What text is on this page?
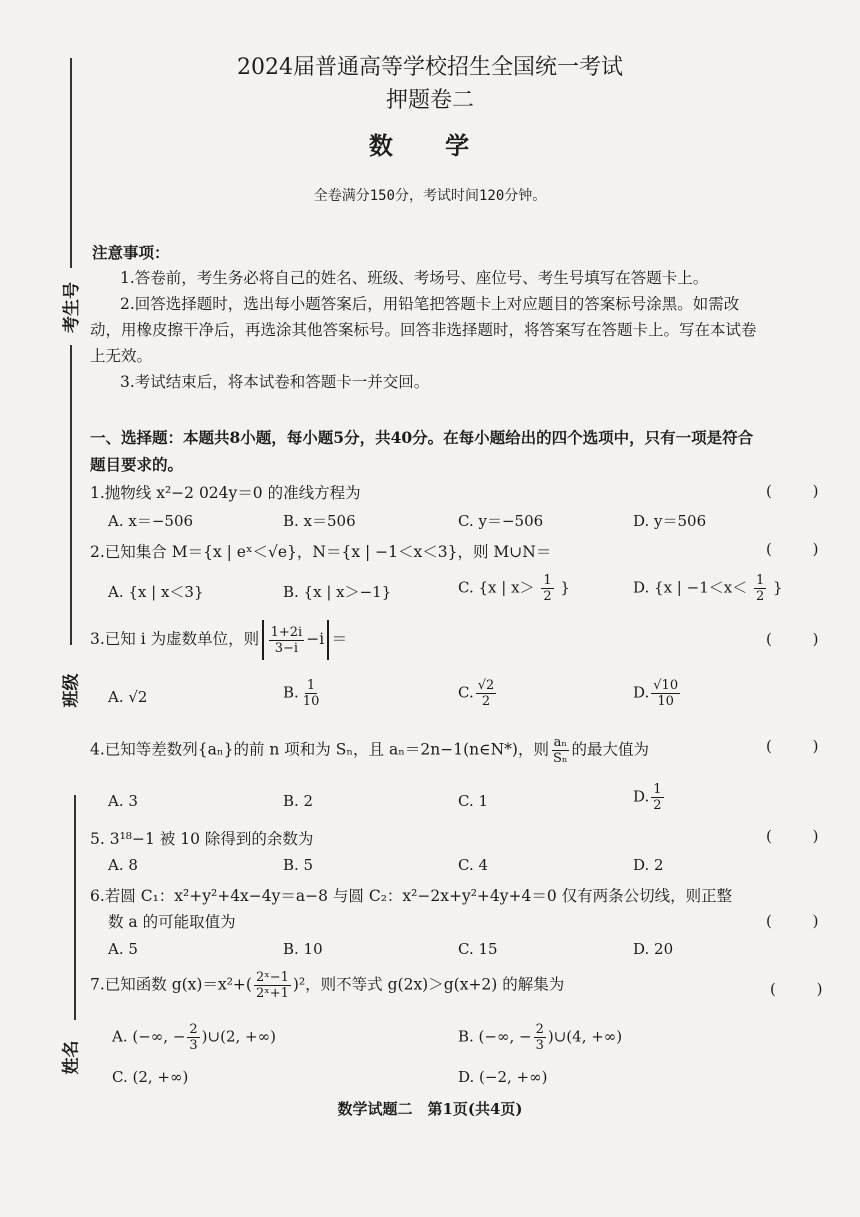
考生号
班级
姓名
2024届普通高等学校招生全国统一考试
押题卷二
数 学
全卷满分150分，考试时间120分钟。
注意事项：
1.答卷前，考生务必将自己的姓名、班级、考场号、座位号、考生号填写在答题卡上。
2.回答选择题时，选出每小题答案后，用铅笔把答题卡上对应题目的答案标号涂黑。如需改
动，用橡皮擦干净后，再选涂其他答案标号。回答非选择题时，将答案写在答题卡上。写在本试卷
上无效。
3.考试结束后，将本试卷和答题卡一并交回。
一、选择题：本题共8小题，每小题5分，共40分。在每小题给出的四个选项中，只有一项是符合
题目要求的。
1.抛物线 x²−2 024y＝0 的准线方程为	( )
A. x＝−506	B. x＝506	C. y＝−506	D. y＝506
2.已知集合 M＝{x | eˣ＜√e}，N＝{x | −1＜x＜3}，则 M∪N＝	( )
A. {x | x＜3}	B. {x | x＞−1}	C. {x | $x> \frac{1}{2}$ }	D. {x | $-1<x< \frac{1}{2}$ }
3.已知 i 为虚数单位，则 $\frac{1+2i}{3-i} -i$ ＝	( )
A. √2	B. $\frac{1}{10}$	C. $\frac{√2}{2}$	D. $\frac{√10}{10}$
4.已知等差数列{aₙ}的前 n 项和为 Sₙ，且 aₙ＝2n−1(n∈N*)，则 $\frac{\text{aₙ}}{\text{Sₙ}}$ 的最大值为	( )
A. 3	B. 2	C. 1	D. $\frac{1}{2}$
5. 3¹⁸−1 被 10 除得到的余数为	( )
A. 8	B. 5	C. 4	D. 2
6.若圆 C₁：x²+y²+4x−4y＝a−8 与圆 C₂：x²−2x+y²+4y+4＝0 仅有两条公切线，则正整
数 a 的可能取值为	( )
A. 5	B. 10	C. 15	D. 20
7.已知函数 $g(x)=x^2+( \frac{\text{2ˣ−1}}{\text{2ˣ+1}} )^2$，则不等式 g(2x)＞g(x+2) 的解集为	( )
A. (−∞, − $\frac{2}{3}$ )∪(2, +∞)	B. (−∞, − $\frac{2}{3}$ )∪(4, +∞)
C. (2, +∞)	D. (−2, +∞)
数学试题二　第1页(共4页)
